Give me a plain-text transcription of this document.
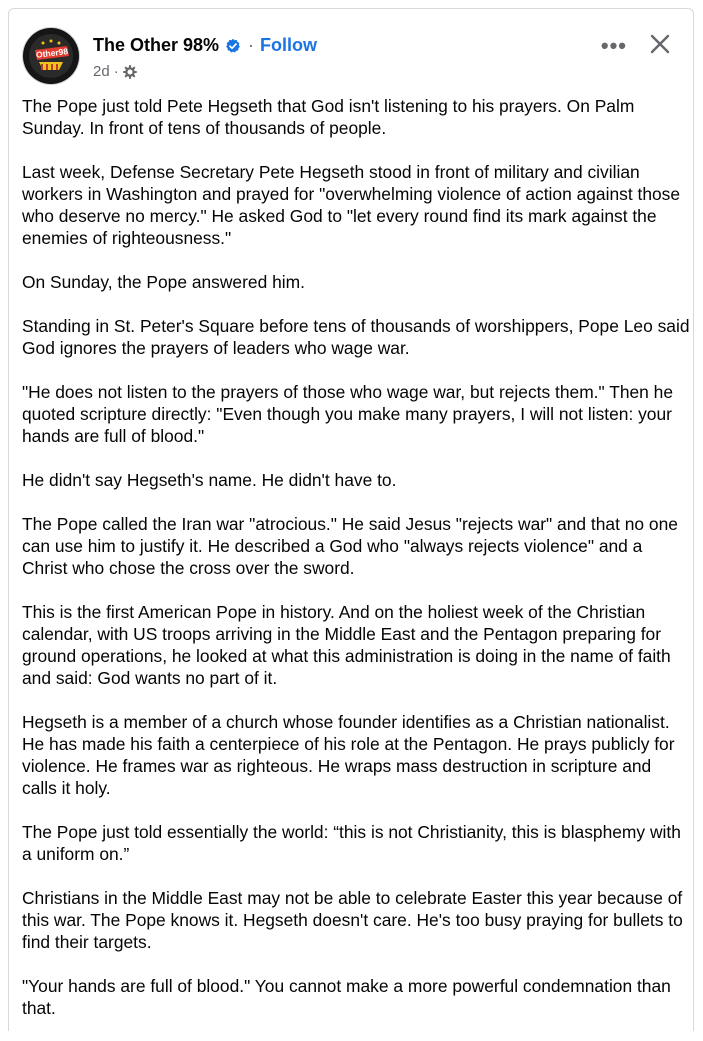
Other98 The Other 98% · Follow
2d ·
•••

The Pope just told Pete Hegseth that God isn't listening to his prayers. On Palm Sunday. In front of tens of thousands of people.

Last week, Defense Secretary Pete Hegseth stood in front of military and civilian workers in Washington and prayed for "overwhelming violence of action against those who deserve no mercy." He asked God to "let every round find its mark against the enemies of righteousness."

On Sunday, the Pope answered him.

Standing in St. Peter's Square before tens of thousands of worshippers, Pope Leo said God ignores the prayers of leaders who wage war.

"He does not listen to the prayers of those who wage war, but rejects them." Then he quoted scripture directly: "Even though you make many prayers, I will not listen: your hands are full of blood."

He didn't say Hegseth's name. He didn't have to.

The Pope called the Iran war "atrocious." He said Jesus "rejects war" and that no one can use him to justify it. He described a God who "always rejects violence" and a Christ who chose the cross over the sword.

This is the first American Pope in history. And on the holiest week of the Christian calendar, with US troops arriving in the Middle East and the Pentagon preparing for ground operations, he looked at what this administration is doing in the name of faith and said: God wants no part of it.

Hegseth is a member of a church whose founder identifies as a Christian nationalist. He has made his faith a centerpiece of his role at the Pentagon. He prays publicly for violence. He frames war as righteous. He wraps mass destruction in scripture and calls it holy.

The Pope just told essentially the world: “this is not Christianity, this is blasphemy with a uniform on.”

Christians in the Middle East may not be able to celebrate Easter this year because of this war. The Pope knows it. Hegseth doesn't care. He's too busy praying for bullets to find their targets.

"Your hands are full of blood." You cannot make a more powerful condemnation than that.
